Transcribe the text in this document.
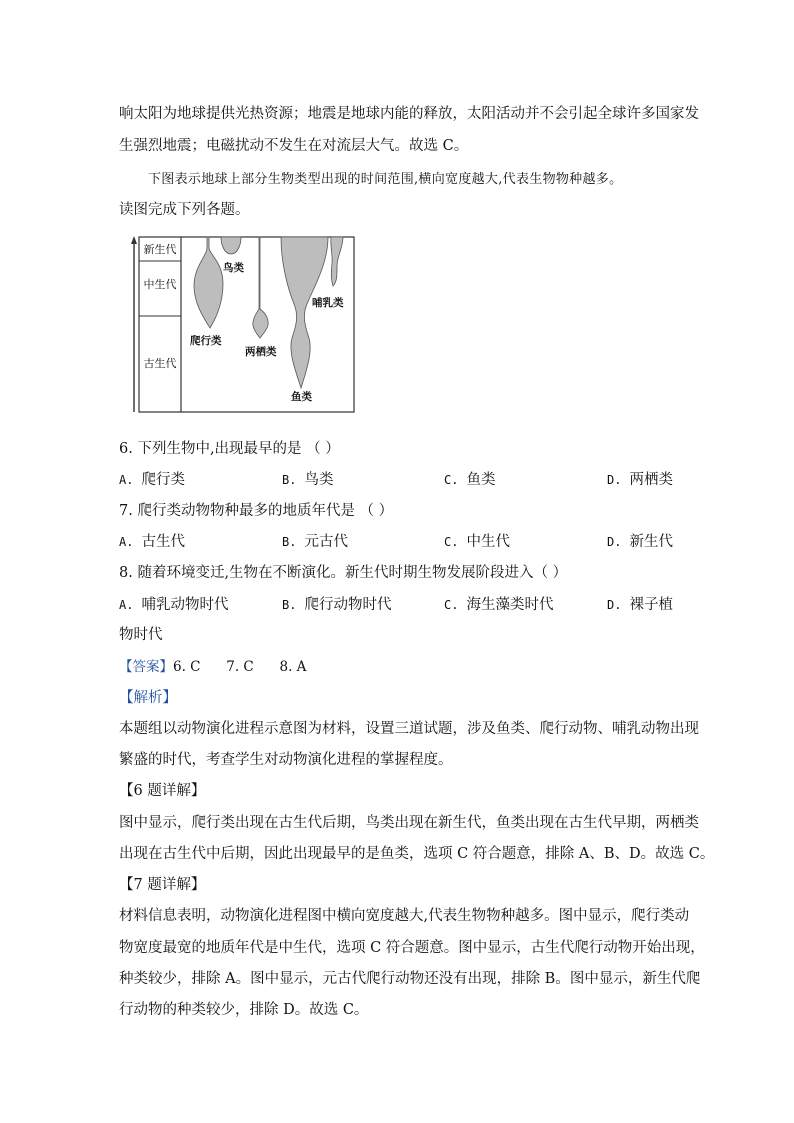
响太阳为地球提供光热资源；地震是地球内能的释放，太阳活动并不会引起全球许多国家发
生强烈地震；电磁扰动不发生在对流层大气。故选 C。
下图表示地球上部分生物类型出现的时间范围,横向宽度越大,代表生物物种越多。
读图完成下列各题。
新生代
中生代
古生代
鸟类
爬行类
两栖类
哺乳类
鱼类
6. 下列生物中,出现最早的是 （ ）
A. 爬行类	B. 鸟类	C. 鱼类	D. 两栖类
7. 爬行类动物物种最多的地质年代是 （ ）
A. 古生代	B. 元古代	C. 中生代	D. 新生代
8. 随着环境变迁,生物在不断演化。新生代时期生物发展阶段进入（ ）
A. 哺乳动物时代	B. 爬行动物时代	C. 海生藻类时代	D. 裸子植
物时代
【答案】6. C      7. C      8. A
【解析】
本题组以动物演化进程示意图为材料，设置三道试题，涉及鱼类、爬行动物、哺乳动物出现
繁盛的时代，考查学生对动物演化进程的掌握程度。
【6 题详解】
图中显示，爬行类出现在古生代后期，鸟类出现在新生代，鱼类出现在古生代早期，两栖类
出现在古生代中后期，因此出现最早的是鱼类，选项 C 符合题意，排除 A、B、D。故选 C。
【7 题详解】
材料信息表明，动物演化进程图中横向宽度越大,代表生物物种越多。图中显示，爬行类动
物宽度最宽的地质年代是中生代，选项 C 符合题意。图中显示，古生代爬行动物开始出现，
种类较少，排除 A。图中显示，元古代爬行动物还没有出现，排除 B。图中显示，新生代爬
行动物的种类较少，排除 D。故选 C。
